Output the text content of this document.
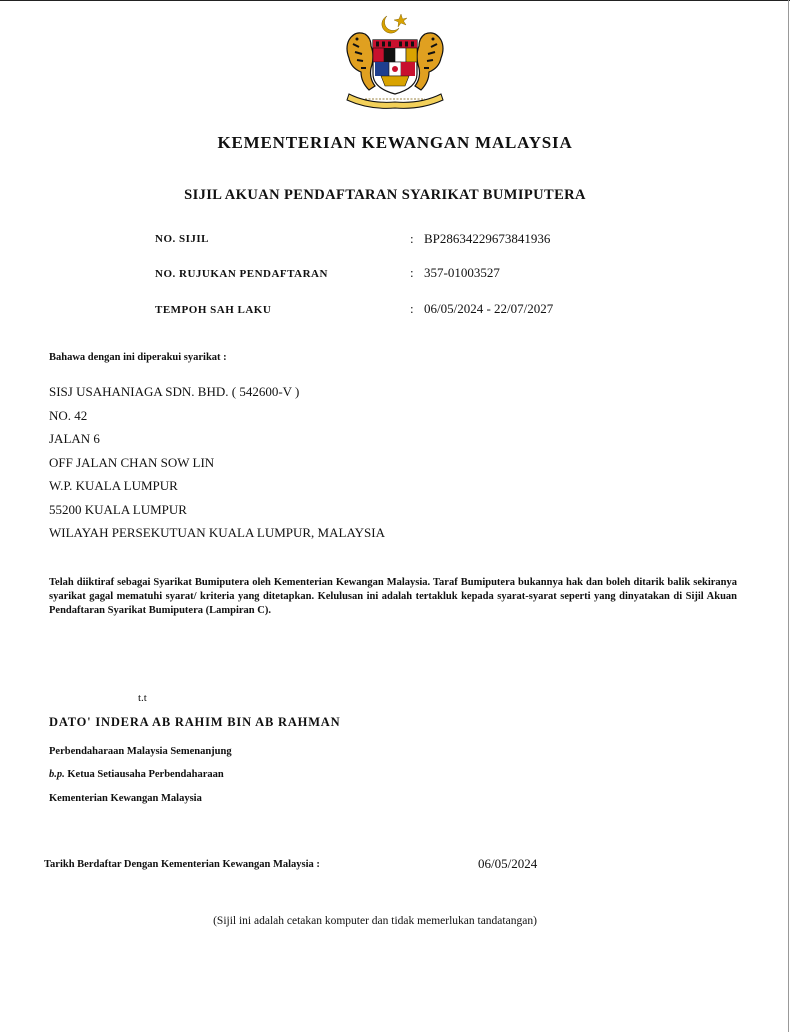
KEMENTERIAN KEWANGAN MALAYSIA
SIJIL AKUAN PENDAFTARAN SYARIKAT BUMIPUTERA
NO. SIJIL	: BP28634229673841936
NO. RUJUKAN PENDAFTARAN	: 357-01003527
TEMPOH SAH LAKU	: 06/05/2024 - 22/07/2027
Bahawa dengan ini diperakui syarikat :
SISJ USAHANIAGA SDN. BHD. ( 542600-V )
NO. 42
JALAN 6
OFF JALAN CHAN SOW LIN
W.P. KUALA LUMPUR
55200 KUALA LUMPUR
WILAYAH PERSEKUTUAN KUALA LUMPUR, MALAYSIA
Telah diiktiraf sebagai Syarikat Bumiputera oleh Kementerian Kewangan Malaysia. Taraf Bumiputera bukannya hak dan boleh ditarik balik sekiranya syarikat gagal mematuhi syarat/ kriteria yang ditetapkan. Kelulusan ini adalah tertakluk kepada syarat-syarat seperti yang dinyatakan di Sijil Akuan Pendaftaran Syarikat Bumiputera (Lampiran C).
t.t
DATO' INDERA AB RAHIM BIN AB RAHMAN
Perbendaharaan Malaysia Semenanjung
b.p. Ketua Setiausaha Perbendaharaan
Kementerian Kewangan Malaysia
Tarikh Berdaftar Dengan Kementerian Kewangan Malaysia :	06/05/2024
(Sijil ini adalah cetakan komputer dan tidak memerlukan tandatangan)
